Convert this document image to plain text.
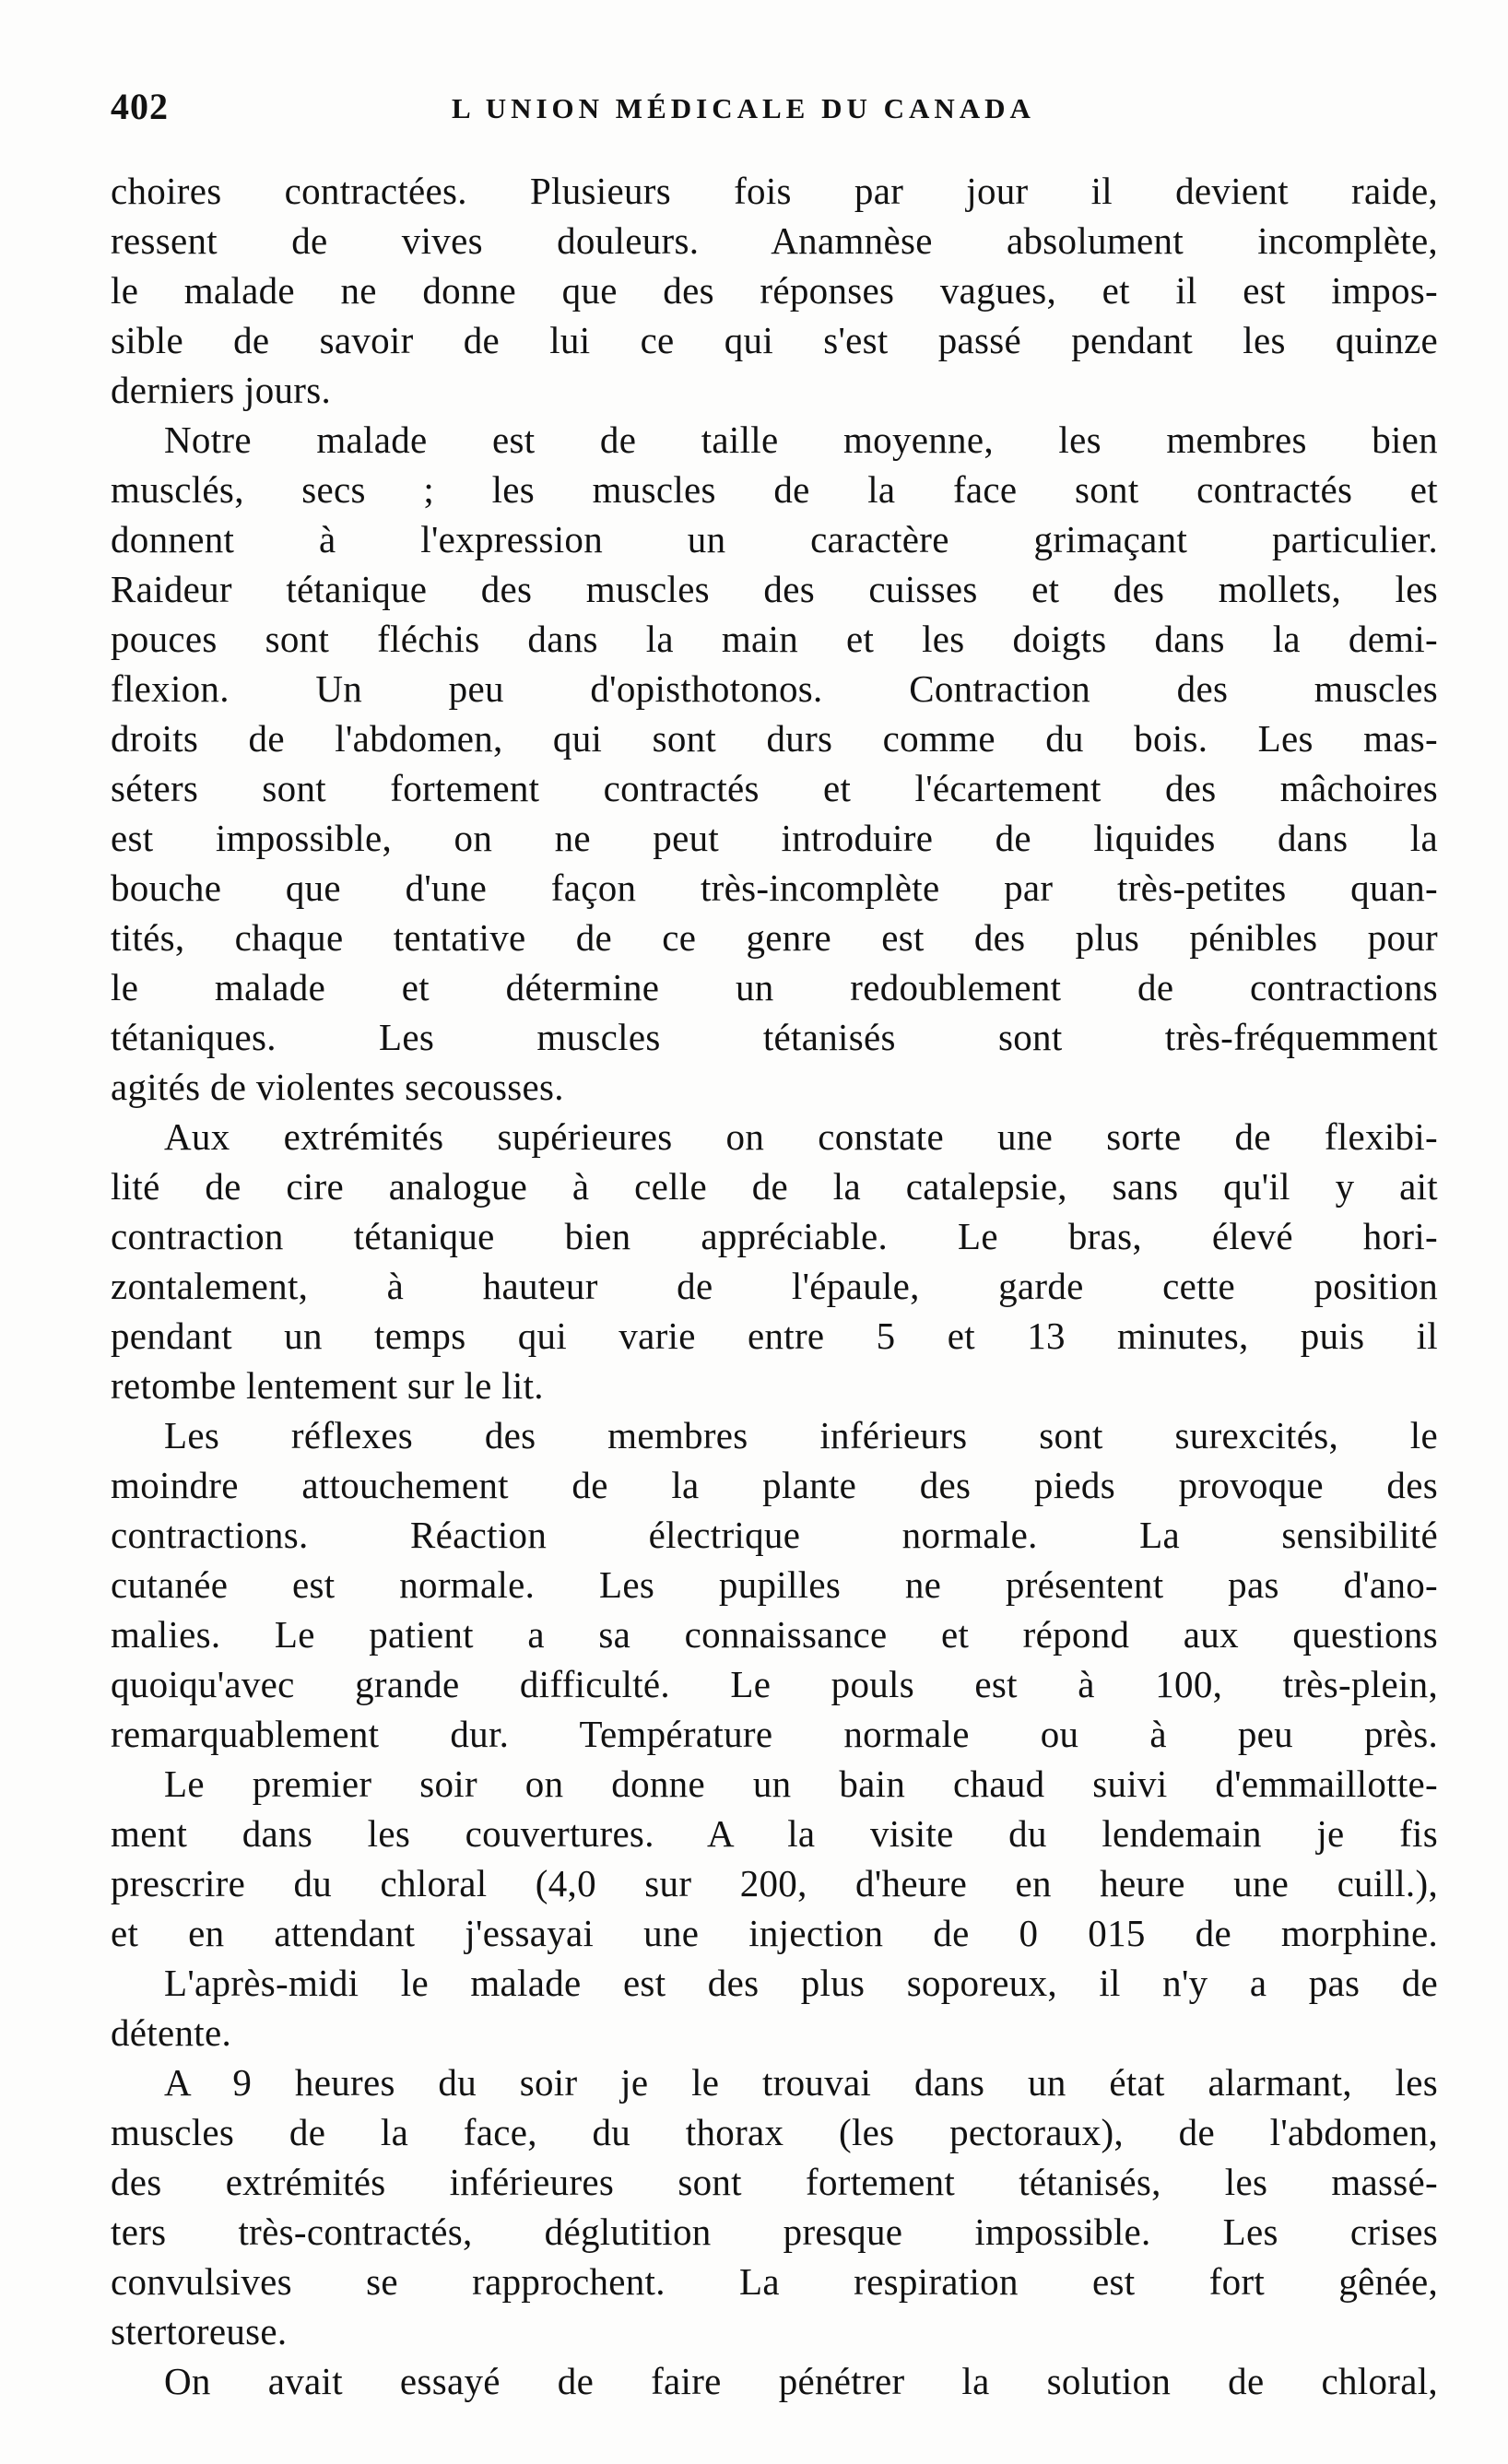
402	L UNION MÉDICALE DU CANADA
choires contractées. Plusieurs fois par jour il devient raide,
ressent de vives douleurs. Anamnèse absolument incomplète,
le malade ne donne que des réponses vagues, et il est impos-
sible de savoir de lui ce qui s'est passé pendant les quinze
derniers jours.
Notre malade est de taille moyenne, les membres bien
musclés, secs ; les muscles de la face sont contractés et
donnent à l'expression un caractère grimaçant particulier.
Raideur tétanique des muscles des cuisses et des mollets, les
pouces sont fléchis dans la main et les doigts dans la demi-
flexion. Un peu d'opisthotonos. Contraction des muscles
droits de l'abdomen, qui sont durs comme du bois. Les mas-
séters sont fortement contractés et l'écartement des mâchoires
est impossible, on ne peut introduire de liquides dans la
bouche que d'une façon très-incomplète par très-petites quan-
tités, chaque tentative de ce genre est des plus pénibles pour
le malade et détermine un redoublement de contractions
tétaniques. Les muscles tétanisés sont très-fréquemment
agités de violentes secousses.
Aux extrémités supérieures on constate une sorte de flexibi-
lité de cire analogue à celle de la catalepsie, sans qu'il y ait
contraction tétanique bien appréciable. Le bras, élevé hori-
zontalement, à hauteur de l'épaule, garde cette position
pendant un temps qui varie entre 5 et 13 minutes, puis il
retombe lentement sur le lit.
Les réflexes des membres inférieurs sont surexcités, le
moindre attouchement de la plante des pieds provoque des
contractions. Réaction électrique normale. La sensibilité
cutanée est normale. Les pupilles ne présentent pas d'ano-
malies. Le patient a sa connaissance et répond aux questions
quoiqu'avec grande difficulté. Le pouls est à 100, très-plein,
remarquablement dur. Température normale ou à peu près.
Le premier soir on donne un bain chaud suivi d'emmaillotte-
ment dans les couvertures. A la visite du lendemain je fis
prescrire du chloral (4,0 sur 200, d'heure en heure une cuill.),
et en attendant j'essayai une injection de 0 015 de morphine.
L'après-midi le malade est des plus soporeux, il n'y a pas de
détente.
A 9 heures du soir je le trouvai dans un état alarmant, les
muscles de la face, du thorax (les pectoraux), de l'abdomen,
des extrémités inférieures sont fortement tétanisés, les massé-
ters très-contractés, déglutition presque impossible. Les crises
convulsives se rapprochent. La respiration est fort gênée,
stertoreuse.
On avait essayé de faire pénétrer la solution de chloral,
